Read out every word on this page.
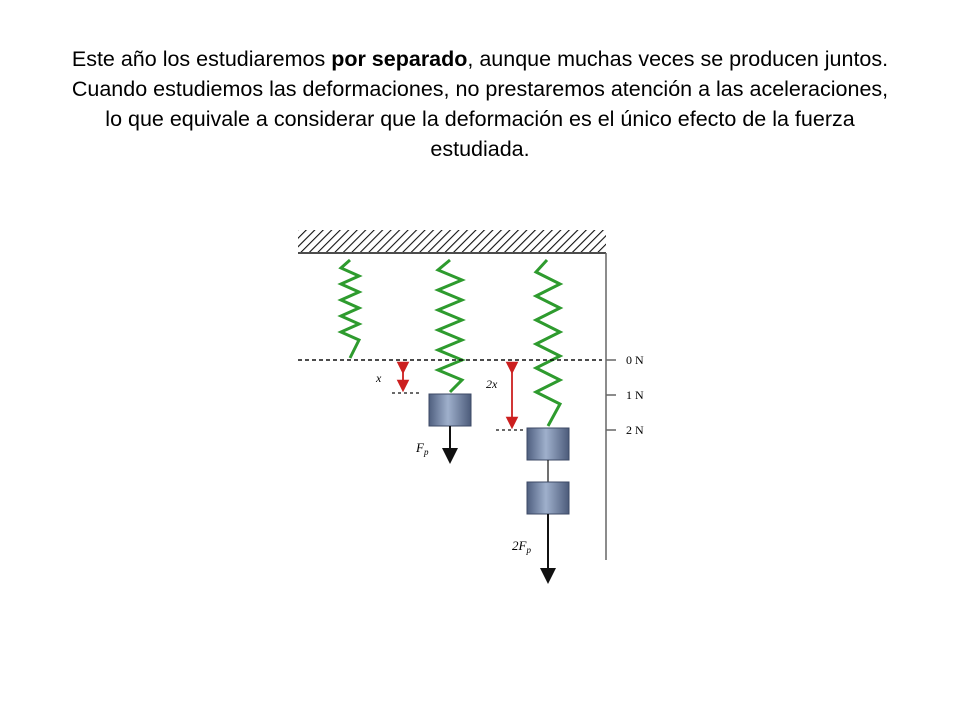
Este año los estudiaremos por separado, aunque muchas veces se producen juntos. Cuando estudiemos las deformaciones, no prestaremos atención a las aceleraciones, lo que equivale a considerar que la deformación es el único efecto de la fuerza estudiada.
x	2x
$F_p$
$2F_p$
0 N
1 N
2 N
